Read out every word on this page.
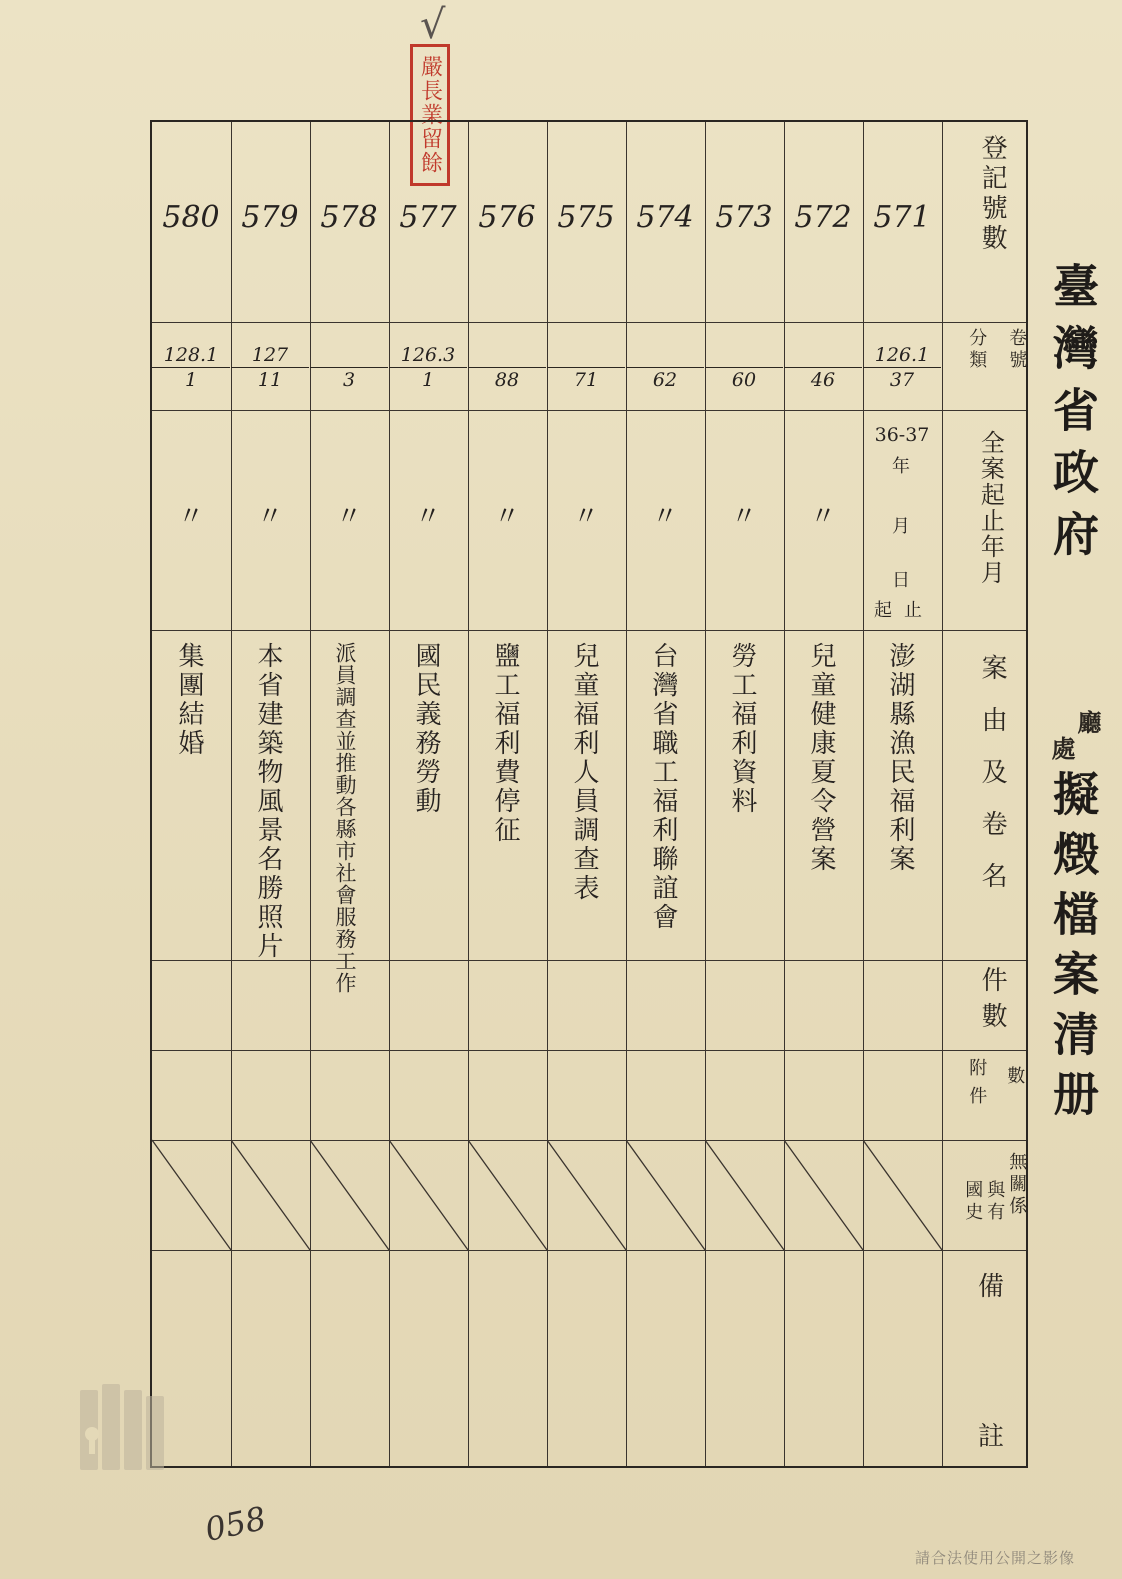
√
嚴長業留餘
登記號數
卷號
分類
全案起止年月
案由及卷名
件數
附件 數
無關係
與有
國史
備
註
36-37
年
月
日
起 止
571
126.1
37
澎湖縣漁民福利案
572
46
〃
兒童健康夏令營案
573
60
〃
勞工福利資料
574
62
〃
台灣省職工福利聯誼會
575
71
〃
兒童福利人員調查表
576
88
〃
鹽工福利費停征
577
126.3
1
〃
國民義務勞動
578
3
〃
派員調查並推動各縣市社會服務工作
579
127
11
〃
本省建築物風景名勝照片
580
128.1
1
〃
集團結婚
臺灣省政府
廳
處
擬燬檔案清册
058
請合法使用公開之影像
